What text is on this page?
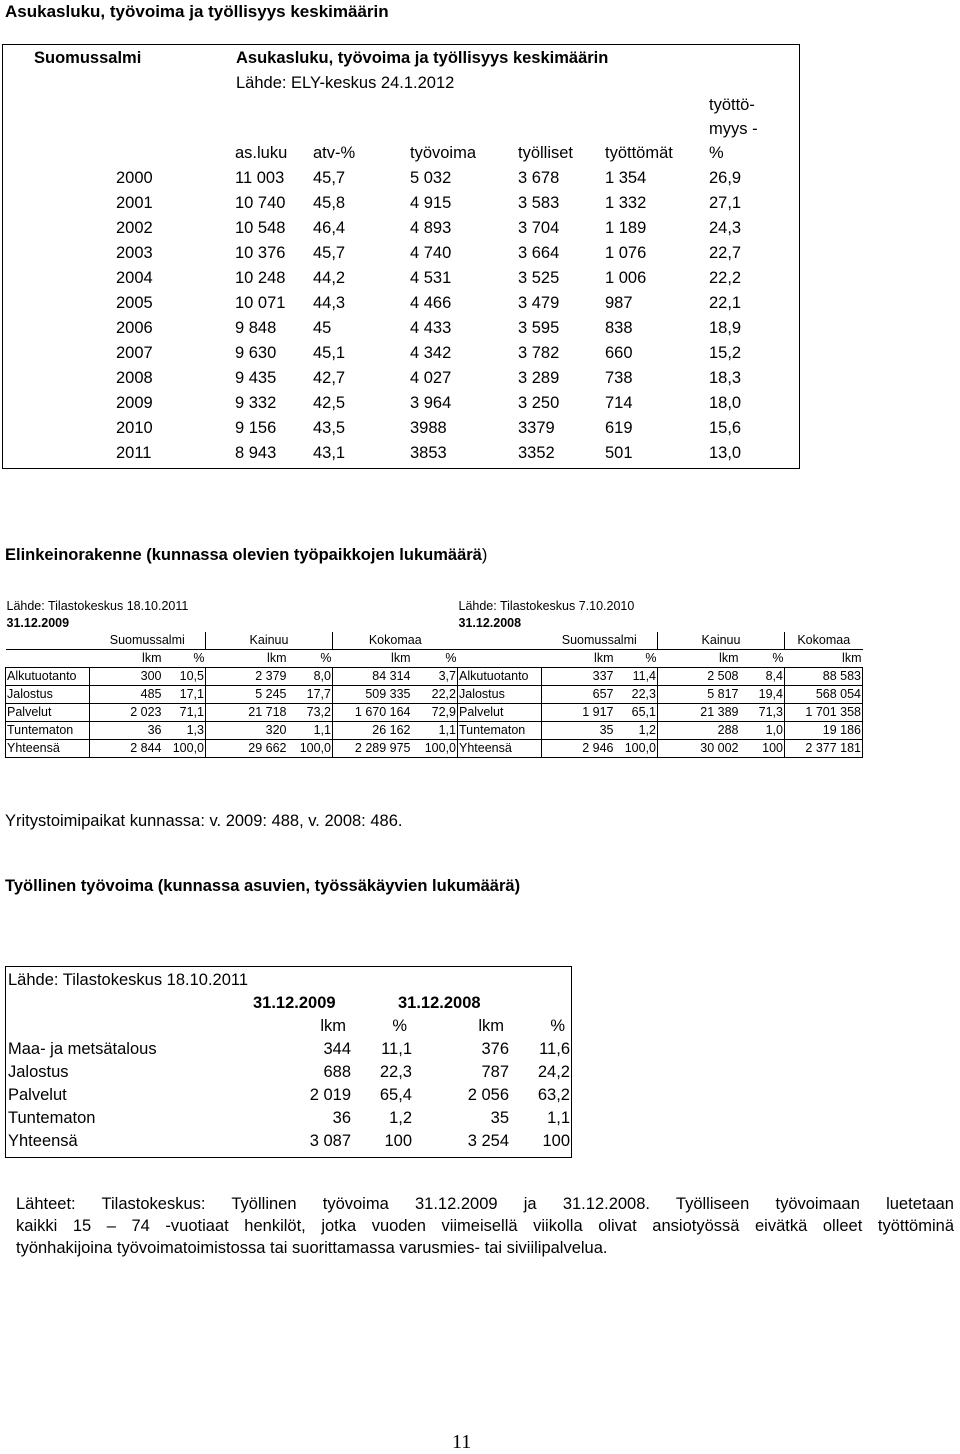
Asukasluku, työvoima ja työllisyys keskimäärin
Suomussalmi	Asukasluku, työvoima ja työllisyys keskimäärin
Lähde: ELY-keskus 24.1.2012
työttö-
myys -
as.luku atv-%	työvoima	työlliset työttömät %
2000	11 003 45,7	5 032	3 678	1 354	26,9
2001	10 740 45,8	4 915	3 583	1 332	27,1
2002	10 548 46,4	4 893	3 704	1 189	24,3
2003	10 376 45,7	4 740	3 664	1 076	22,7
2004	10 248 44,2	4 531	3 525	1 006	22,2
2005	10 071 44,3	4 466	3 479	987	22,1
2006	9 848 45	4 433	3 595	838	18,9
2007	9 630 45,1	4 342	3 782	660	15,2
2008	9 435 42,7	4 027	3 289	738	18,3
2009	9 332 42,5	3 964	3 250	714	18,0
2010	9 156 43,5	3988	3379	619	15,6
2011	8 943 43,1	3853	3352	501	13,0
Elinkeinorakenne (kunnassa olevien työpaikkojen lukumäärä)
Lähde: Tilastokeskus 18.10.2011							Lähde: Tilastokeskus 7.10.2010					
31.12.2009							31.12.2008					
	Suomussalmi		Kainuu		Kokomaa			Suomussalmi		Kainuu		Kokomaa
	lkm	%	lkm	%	lkm	%		lkm	%	lkm	%	lkm
Alkutuotanto	300	10,5	2 379	8,0	84 314	3,7	Alkutuotanto	337	11,4	2 508	8,4	88 583
Jalostus	485	17,1	5 245	17,7	509 335	22,2	Jalostus	657	22,3	5 817	19,4	568 054
Palvelut	2 023	71,1	21 718	73,2	1 670 164	72,9	Palvelut	1 917	65,1	21 389	71,3	1 701 358
Tuntematon	36	1,3	320	1,1	26 162	1,1	Tuntematon	35	1,2	288	1,0	19 186
Yhteensä	2 844	100,0	29 662	100,0	2 289 975	100,0	Yhteensä	2 946	100,0	30 002	100	2 377 181
Yritystoimipaikat kunnassa: v. 2009: 488, v. 2008: 486.
Työllinen työvoima (kunnassa asuvien, työssäkäyvien lukumäärä)
Lähde: Tilastokeskus 18.10.2011
31.12.2009	31.12.2008
lkm	%	lkm	%
Maa- ja metsätalous	344 11,1	376 11,6
Jalostus	688 22,3	787 24,2
Palvelut	2 019 65,4	2 056 63,2
Tuntematon	36 1,2	35 1,1
Yhteensä	3 087 100	3 254 100
Lähteet: Tilastokeskus: Työllinen työvoima 31.12.2009 ja 31.12.2008. Työlliseen työvoimaan luetetaan
kaikki 15 – 74 -vuotiaat henkilöt, jotka vuoden viimeisellä viikolla olivat ansiotyössä eivätkä olleet työttöminä
työnhakijoina työvoimatoimistossa tai suorittamassa varusmies- tai siviilipalvelua.
11
